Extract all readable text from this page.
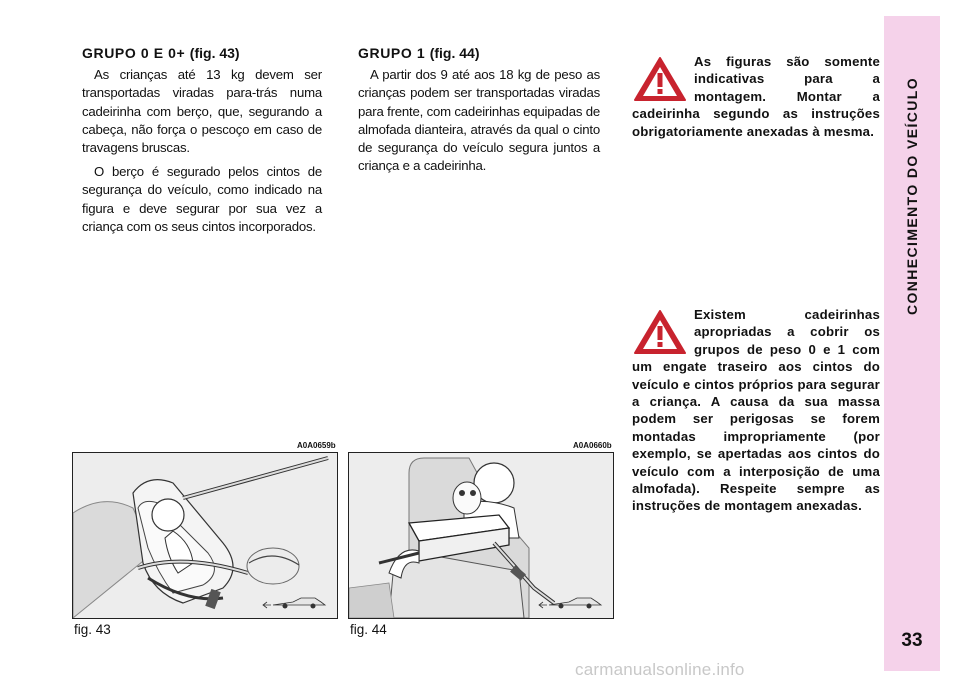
GRUPO 0 E 0+ (fig. 43)

As crianças até 13 kg devem ser transportadas viradas para-trás numa cadeirinha com berço, que, segurando a cabeça, não força o pescoço em caso de travagens bruscas.

O berço é segurado pelos cintos de segurança do veículo, como indicado na figura e deve segurar por sua vez a criança com os seus cintos incorporados.

GRUPO 1 (fig. 44)

A partir dos 9 até aos 18 kg de peso as crianças podem ser transportadas viradas para frente, com cadeirinhas equipadas de almofada dianteira, através da qual o cinto de segurança do veículo segura juntos a criança e a cadeirinha.

As figuras são somente indicativas para a montagem. Montar a cadeirinha segundo as instruções obrigatoriamente anexadas à mesma.

Existem cadeirinhas apropriadas a cobrir os grupos de peso 0 e 1 com um engate traseiro aos cintos do veículo e cintos próprios para segurar a criança. A causa da sua massa podem ser perigosas se forem montadas impropriamente (por exemplo, se apertadas aos cintos do veículo com a interposição de uma almofada). Respeite sempre as instruções de montagem anexadas.

A0A0659b
fig. 43
A0A0660b
fig. 44
CONHECIMENTO DO VEÍCULO
33
carmanualsonline.info
